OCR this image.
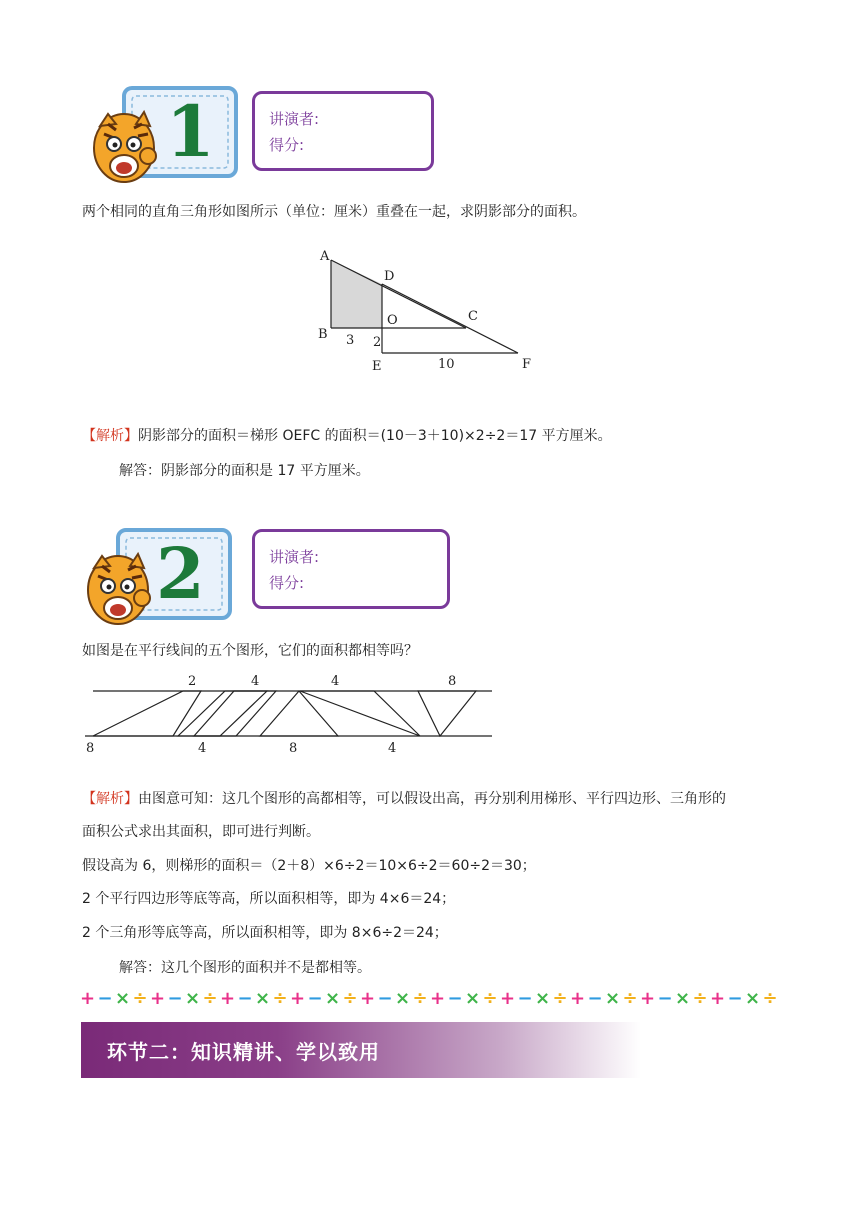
1	讲演者:
得分:
两个相同的直角三角形如图所示（单位：厘米）重叠在一起，求阴影部分的面积。
A
D
C
B
O
3 2
E	10	F
【解析】阴影部分的面积＝梯形 OEFC 的面积＝(10－3＋10)×2÷2＝17 平方厘米。
解答：阴影部分的面积是 17 平方厘米。
2	讲演者:
得分:
如图是在平行线间的五个图形，它们的面积都相等吗？
2	4	4	8
8	4	8	4
【解析】由图意可知：这几个图形的高都相等，可以假设出高，再分别利用梯形、平行四边形、三角形的
面积公式求出其面积，即可进行判断。
假设高为 6，则梯形的面积＝（2＋8）×6÷2＝10×6÷2＝60÷2＝30；
2 个平行四边形等底等高，所以面积相等，即为 4×6＝24；
2 个三角形等底等高，所以面积相等，即为 8×6÷2＝24；
解答：这几个图形的面积并不是都相等。
+−×÷+−×÷+−×÷+−×÷+−×÷+−×÷+−×÷+−×÷+−×÷+−×÷
环节二：知识精讲、学以致用
